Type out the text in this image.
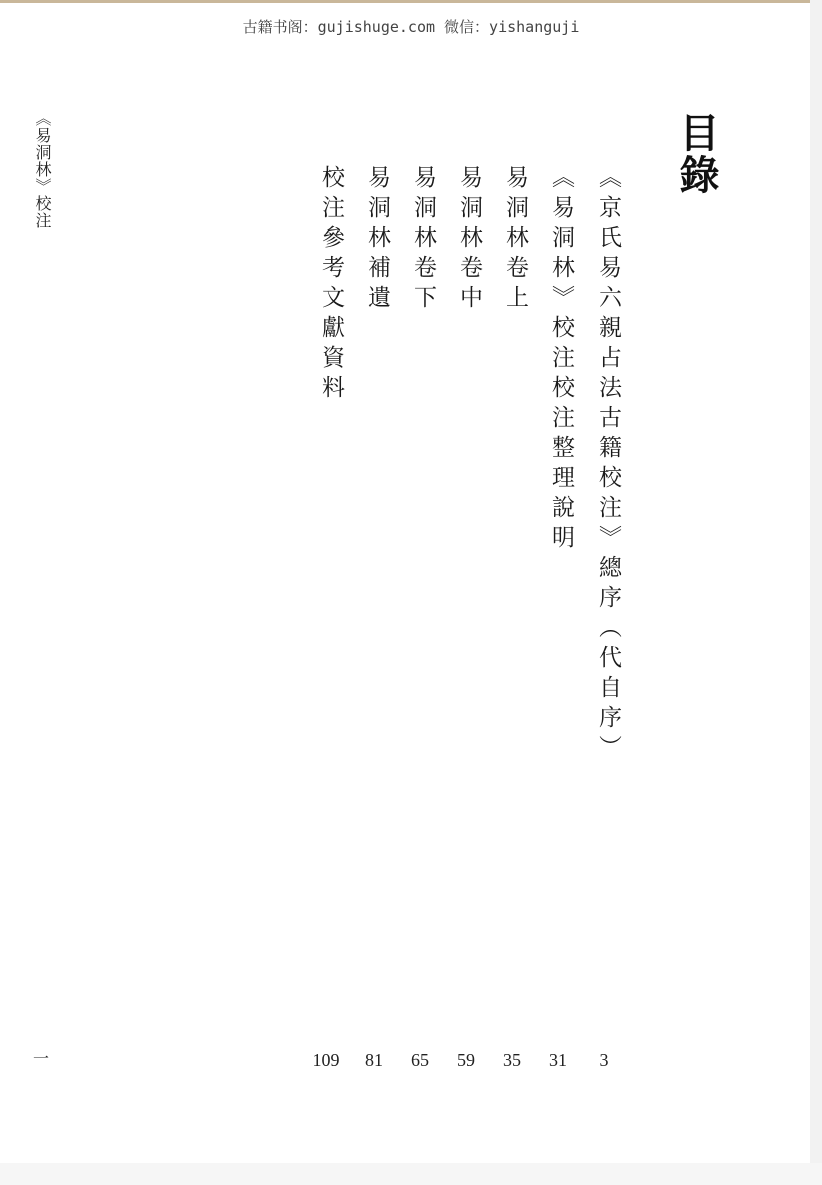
古籍书阁：gujishuge.com 微信：yishanguji
《易洞林》校注
一
目錄
《京氏易六親占法古籍校注》總序（代自序）
《易洞林》校注校注整理說明
易洞林卷上
易洞林卷中
易洞林卷下
易洞林補遺
校注參考文獻資料
3
31
35
59
65
81
109
